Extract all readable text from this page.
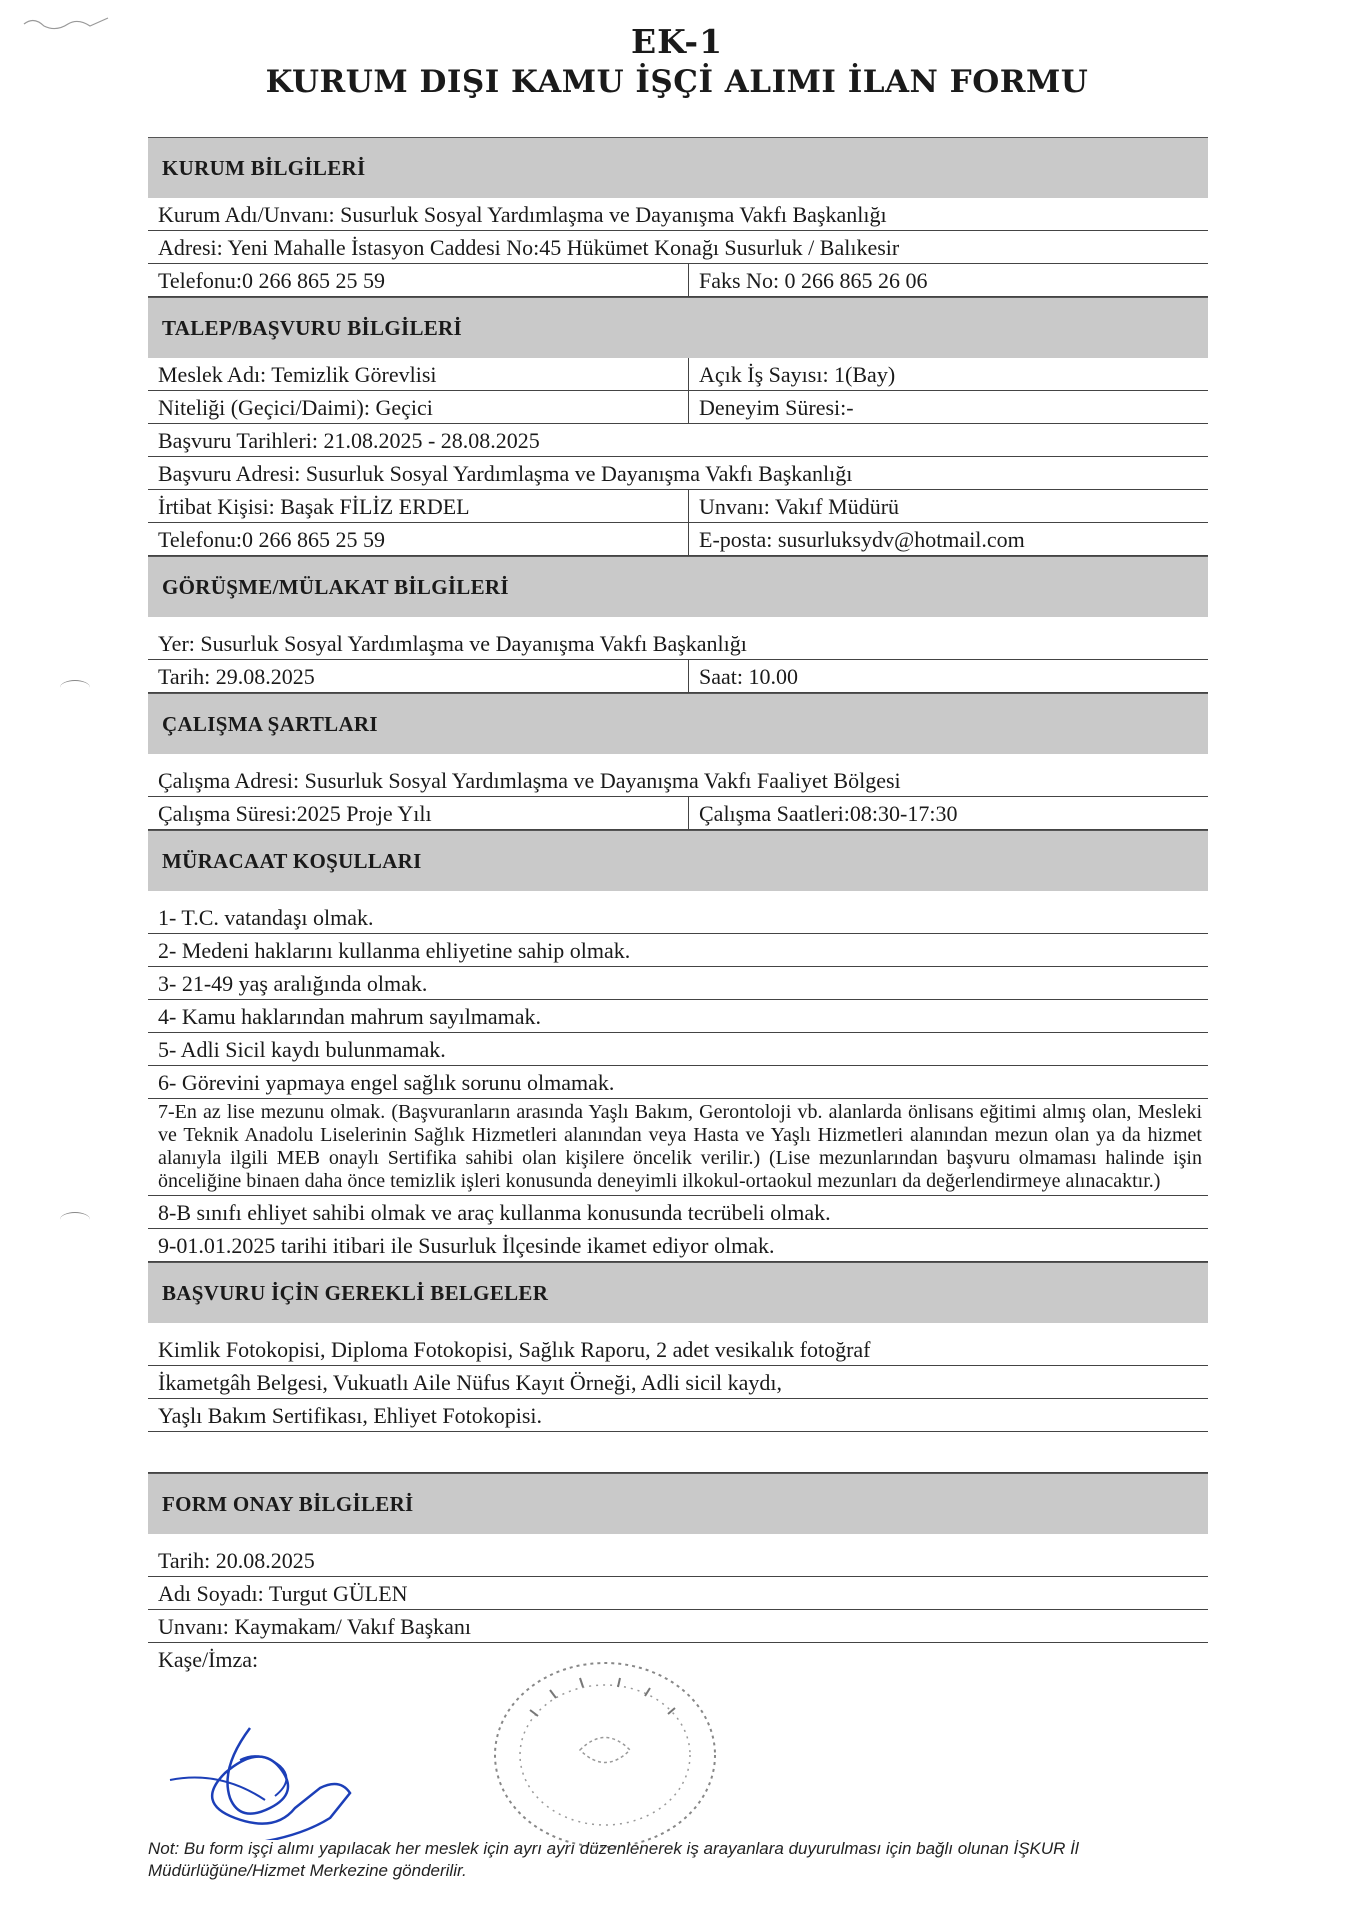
EK-1
KURUM DIŞI KAMU İŞÇİ ALIMI İLAN FORMU
KURUM BİLGİLERİ
Kurum Adı/Unvanı: Susurluk Sosyal Yardımlaşma ve Dayanışma Vakfı Başkanlığı
Adresi: Yeni Mahalle İstasyon Caddesi No:45 Hükümet Konağı Susurluk / Balıkesir
Telefonu:0 266 865 25 59	Faks No: 0 266 865 26 06
TALEP/BAŞVURU BİLGİLERİ
Meslek Adı: Temizlik Görevlisi	Açık İş Sayısı: 1(Bay)
Niteliği (Geçici/Daimi): Geçici	Deneyim Süresi:-
Başvuru Tarihleri: 21.08.2025 - 28.08.2025
Başvuru Adresi: Susurluk Sosyal Yardımlaşma ve Dayanışma Vakfı Başkanlığı
İrtibat Kişisi: Başak FİLİZ ERDEL	Unvanı: Vakıf Müdürü
Telefonu:0 266 865 25 59	E-posta: susurluksydv@hotmail.com
GÖRÜŞME/MÜLAKAT BİLGİLERİ
Yer: Susurluk Sosyal Yardımlaşma ve Dayanışma Vakfı Başkanlığı
Tarih: 29.08.2025	Saat: 10.00
ÇALIŞMA ŞARTLARI
Çalışma Adresi: Susurluk Sosyal Yardımlaşma ve Dayanışma Vakfı Faaliyet Bölgesi
Çalışma Süresi:2025 Proje Yılı	Çalışma Saatleri:08:30-17:30
MÜRACAAT KOŞULLARI
1- T.C. vatandaşı olmak.
2- Medeni haklarını kullanma ehliyetine sahip olmak.
3- 21-49 yaş aralığında olmak.
4- Kamu haklarından mahrum sayılmamak.
5- Adli Sicil kaydı bulunmamak.
6- Görevini yapmaya engel sağlık sorunu olmamak.
7-En az lise mezunu olmak. (Başvuranların arasında Yaşlı Bakım, Gerontoloji vb. alanlarda önlisans eğitimi almış olan, Mesleki ve Teknik Anadolu Liselerinin Sağlık Hizmetleri alanından veya Hasta ve Yaşlı Hizmetleri alanından mezun olan ya da hizmet alanıyla ilgili MEB onaylı Sertifika sahibi olan kişilere öncelik verilir.) (Lise mezunlarından başvuru olmaması halinde işin önceliğine binaen daha önce temizlik işleri konusunda deneyimli ilkokul-ortaokul mezunları da değerlendirmeye alınacaktır.)
8-B sınıfı ehliyet sahibi olmak ve araç kullanma konusunda tecrübeli olmak.
9-01.01.2025 tarihi itibari ile Susurluk İlçesinde ikamet ediyor olmak.
BAŞVURU İÇİN GEREKLİ BELGELER
Kimlik Fotokopisi, Diploma Fotokopisi, Sağlık Raporu, 2 adet vesikalık fotoğraf
İkametgâh Belgesi, Vukuatlı Aile Nüfus Kayıt Örneği, Adli sicil kaydı,
Yaşlı Bakım Sertifikası, Ehliyet Fotokopisi.
FORM ONAY BİLGİLERİ
Tarih: 20.08.2025
Adı Soyadı: Turgut GÜLEN
Unvanı: Kaymakam/ Vakıf Başkanı
Kaşe/İmza:
Not: Bu form işçi alımı yapılacak her meslek için ayrı ayrı düzenlenerek iş arayanlara duyurulması için bağlı olunan İŞKUR İl Müdürlüğüne/Hizmet Merkezine gönderilir.
